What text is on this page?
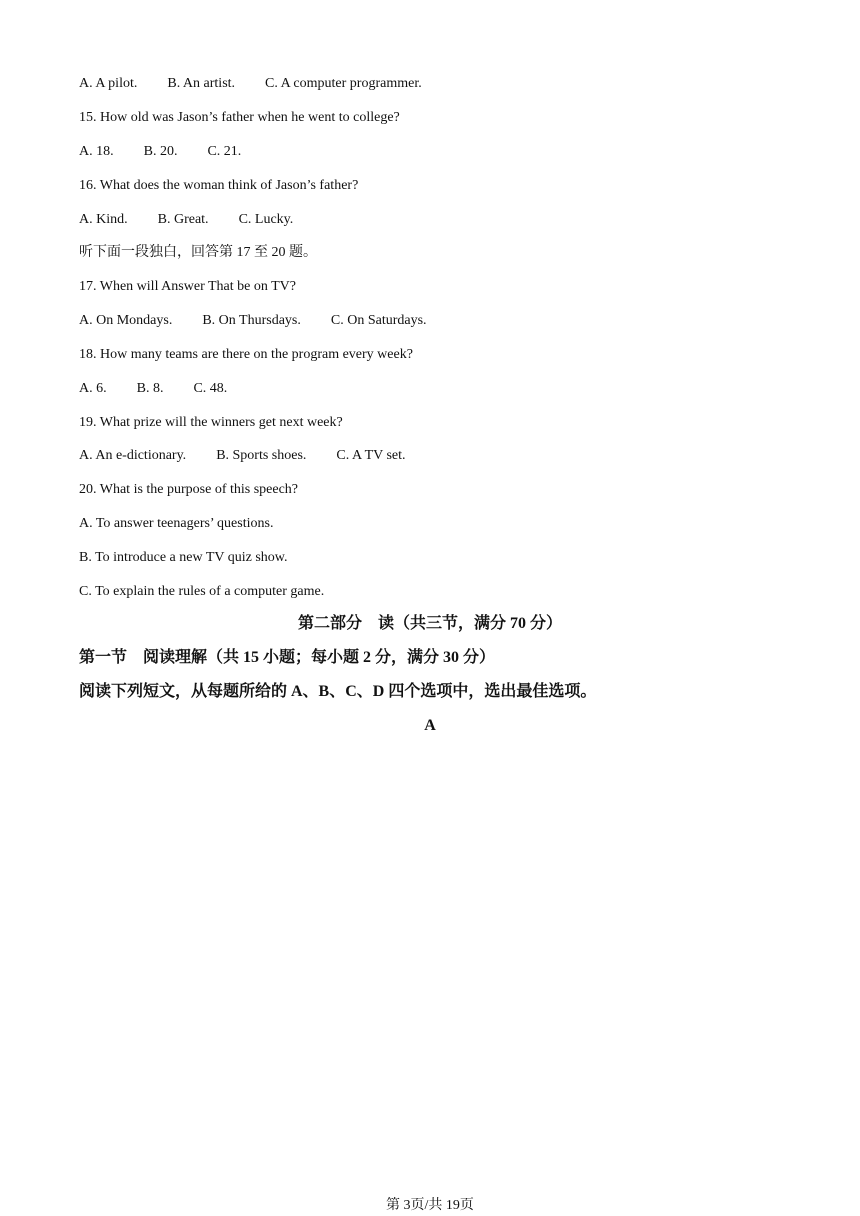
A. A pilot. B. An artist. C. A computer programmer.
15. How old was Jason’s father when he went to college?
A. 18. B. 20. C. 21.
16. What does the woman think of Jason’s father?
A. Kind. B. Great. C. Lucky.
听下面一段独白，回答第 17 至 20 题。
17. When will Answer That be on TV?
A. On Mondays. B. On Thursdays. C. On Saturdays.
18. How many teams are there on the program every week?
A. 6. B. 8. C. 48.
19. What prize will the winners get next week?
A. An e-dictionary. B. Sports shoes. C. A TV set.
20. What is the purpose of this speech?
A. To answer teenagers’ questions.
B. To introduce a new TV quiz show.
C. To explain the rules of a computer game.
第二部分　读（共三节，满分 70 分）
第一节　阅读理解（共 15 小题；每小题 2 分，满分 30 分）
阅读下列短文，从每题所给的 A、B、C、D 四个选项中，选出最佳选项。
A
第 3页/共 19页
